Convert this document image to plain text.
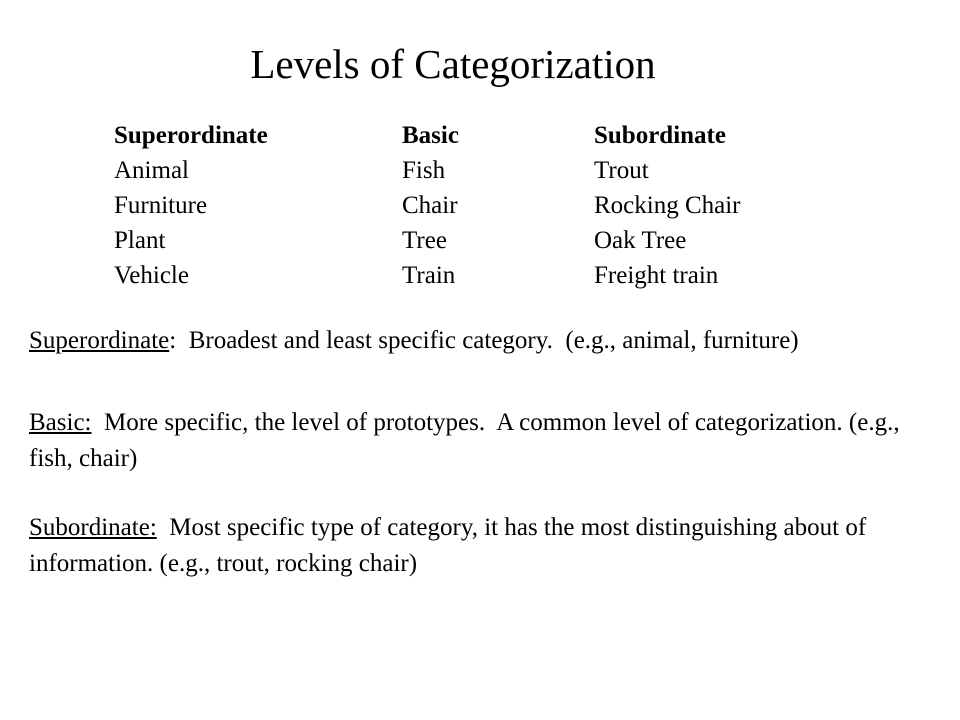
Levels of Categorization
Superordinate	Basic	Subordinate
Animal	Fish	Trout
Furniture	Chair	Rocking Chair
Plant	Tree	Oak Tree
Vehicle	Train	Freight train
Superordinate:  Broadest and least specific category.  (e.g., animal, furniture)
Basic:  More specific, the level of prototypes.  A common level of categorization. (e.g., fish, chair)
Subordinate:  Most specific type of category, it has the most distinguishing about of information. (e.g., trout, rocking chair)
